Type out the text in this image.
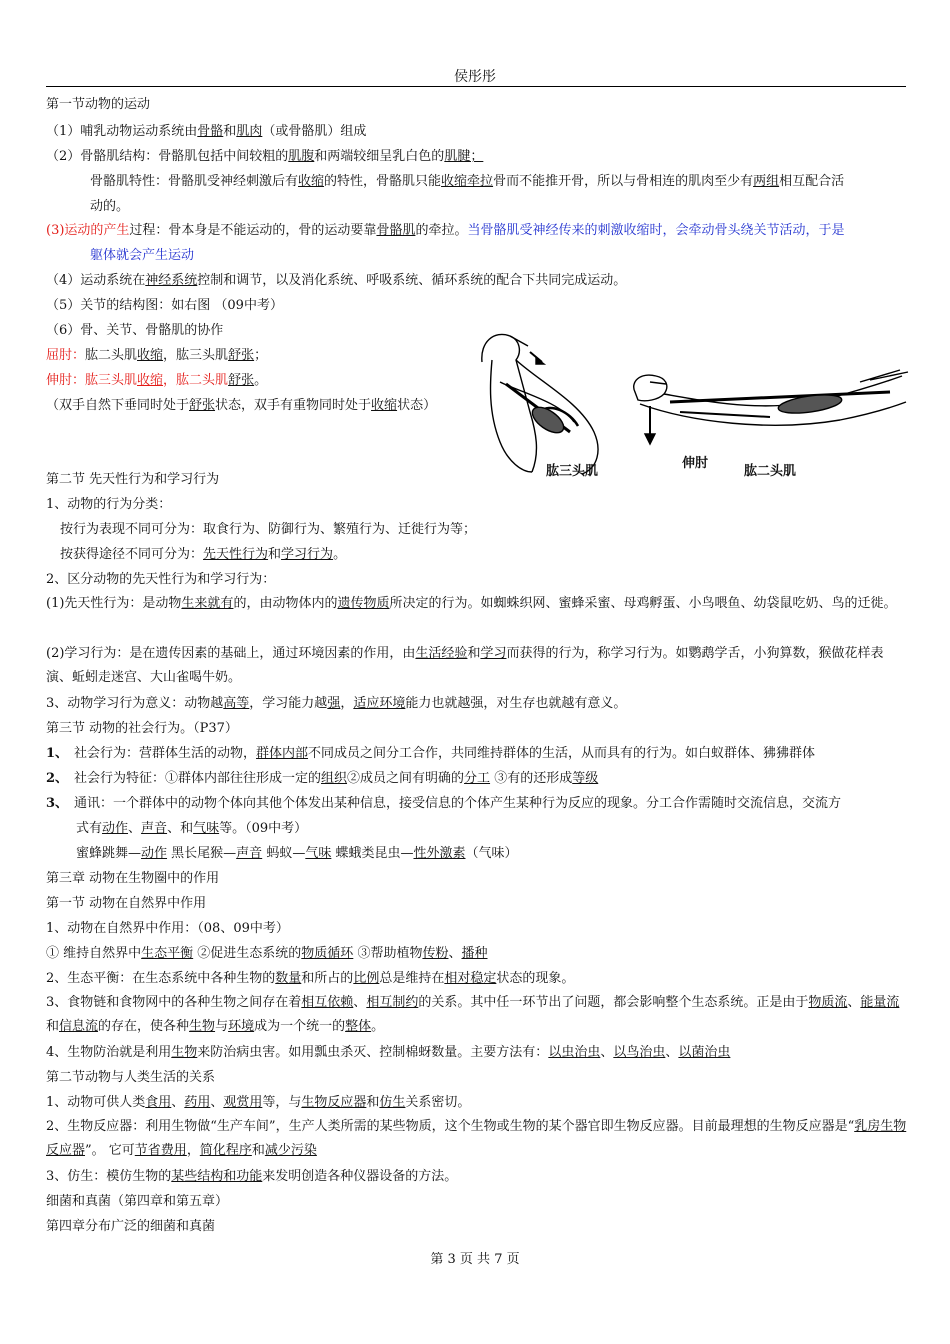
侯彤彤
第一节动物的运动
（1）哺乳动物运动系统由骨骼和肌肉（或骨骼肌）组成
（2）骨骼肌结构：骨骼肌包括中间较粗的肌腹和两端较细呈乳白色的肌腱；
骨骼肌特性：骨骼肌受神经刺激后有收缩的特性，骨骼肌只能收缩牵拉骨而不能推开骨，所以与骨相连的肌肉至少有两组相互配合活
动的。
(3)运动的产生过程：骨本身是不能运动的，骨的运动要靠骨骼肌的牵拉。当骨骼肌受神经传来的刺激收缩时，会牵动骨头绕关节活动，于是
躯体就会产生运动
（4）运动系统在神经系统控制和调节，以及消化系统、呼吸系统、循环系统的配合下共同完成运动。
（5）关节的结构图：如右图 （09中考）
（6）骨、关节、骨骼肌的协作
屈肘：肱二头肌收缩，肱三头肌舒张；
伸肘：肱三头肌收缩，肱二头肌舒张。
（双手自然下垂同时处于舒张状态，双手有重物同时处于收缩状态）
肱三头肌
伸肘
肱二头肌
第二节 先天性行为和学习行为
1、动物的行为分类：
按行为表现不同可分为：取食行为、防御行为、繁殖行为、迁徙行为等；
按获得途径不同可分为：先天性行为和学习行为。
2、区分动物的先天性行为和学习行为：
(1)先天性行为：是动物生来就有的，由动物体内的遗传物质所决定的行为。如蜘蛛织网、蜜蜂采蜜、母鸡孵蛋、小鸟喂鱼、幼袋鼠吃奶、鸟的迁徙。
(2)学习行为：是在遗传因素的基础上，通过环境因素的作用，由生活经验和学习而获得的行为，称学习行为。如鹦鹉学舌，小狗算数，猴做花样表演、蚯蚓走迷宫、大山雀喝牛奶。
3、动物学习行为意义：动物越高等，学习能力越强，适应环境能力也就越强，对生存也就越有意义。
第三节 动物的社会行为。（P37）
1、 社会行为：营群体生活的动物，群体内部不同成员之间分工合作，共同维持群体的生活，从而具有的行为。如白蚁群体、狒狒群体
2、 社会行为特征：①群体内部往往形成一定的组织②成员之间有明确的分工 ③有的还形成等级
3、 通讯：一个群体中的动物个体向其他个体发出某种信息，接受信息的个体产生某种行为反应的现象。分工合作需随时交流信息，交流方
式有动作、声音、和气味等。（09中考）
蜜蜂跳舞—动作 黑长尾猴—声音 蚂蚁—气味 蝶蛾类昆虫—性外激素（气味）
第三章 动物在生物圈中的作用
第一节 动物在自然界中作用
1、动物在自然界中作用：（08、09中考）
① 维持自然界中生态平衡 ②促进生态系统的物质循环 ③帮助植物传粉、播种
2、生态平衡：在生态系统中各种生物的数量和所占的比例总是维持在相对稳定状态的现象。
3、食物链和食物网中的各种生物之间存在着相互依赖、相互制约的关系。其中任一环节出了问题，都会影响整个生态系统。正是由于物质流、能量流和信息流的存在，使各种生物与环境成为一个统一的整体。
4、生物防治就是利用生物来防治病虫害。如用瓢虫杀灭、控制棉蚜数量。主要方法有：以虫治虫、以鸟治虫、以菌治虫
第二节动物与人类生活的关系
1、动物可供人类食用、药用、观赏用等，与生物反应器和仿生关系密切。
2、生物反应器：利用生物做“生产车间”，生产人类所需的某些物质，这个生物或生物的某个器官即生物反应器。目前最理想的生物反应器是“乳房生物反应器”。 它可节省费用，简化程序和减少污染
3、仿生：模仿生物的某些结构和功能来发明创造各种仪器设备的方法。
细菌和真菌（第四章和第五章）
第四章分布广泛的细菌和真菌
第 3 页 共 7 页
